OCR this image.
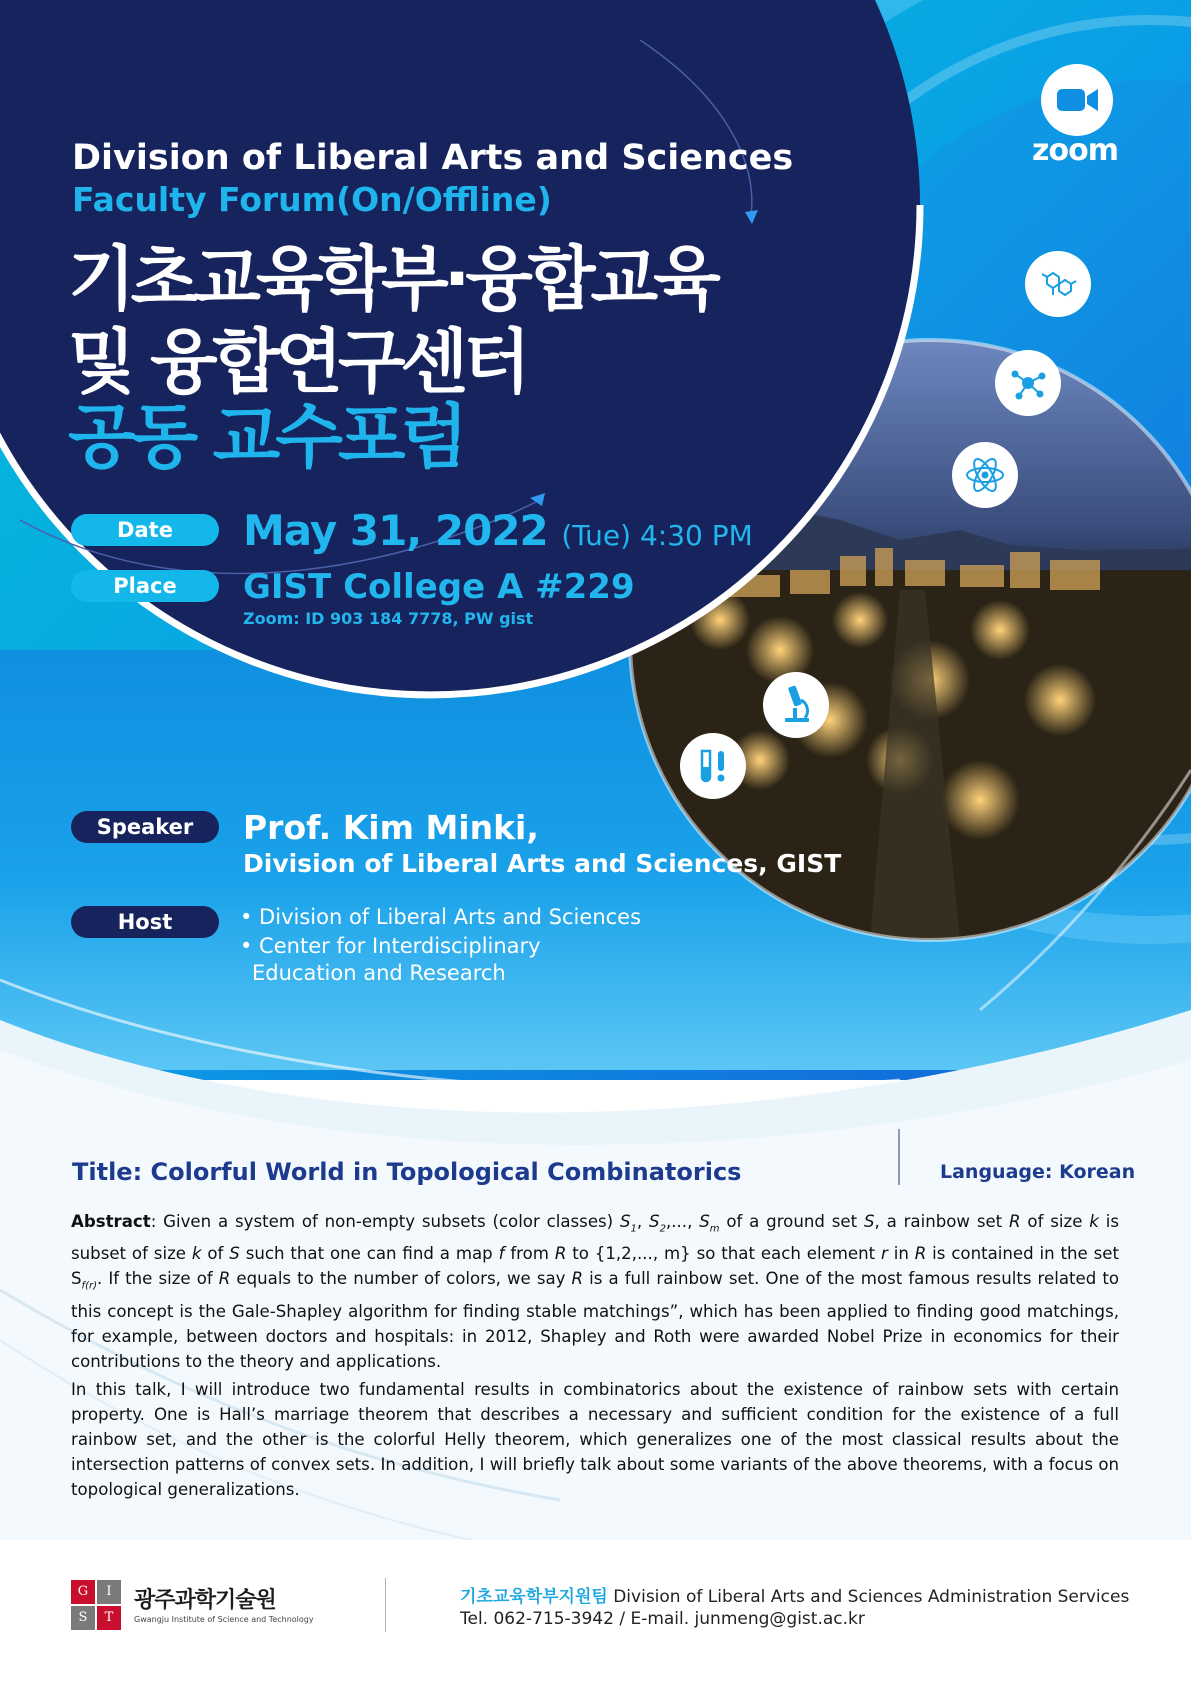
Division of Liberal Arts and Sciences
Faculty Forum(On/Offline)
기초교육학부·융합교육
및 융합연구센터
공동 교수포럼
zoom
Date	May 31, 2022 (Tue) 4:30 PM
Place	GIST College A #229
Zoom: ID 903 184 7778, PW gist
Speaker	Prof. Kim Minki,
Division of Liberal Arts and Sciences, GIST
Host	• Division of Liberal Arts and Sciences
• Center for Interdisciplinary
Education and Research
Title: Colorful World in Topological Combinatorics	Language: Korean
Abstract: Given a system of non-empty subsets (color classes) $S_1$, $S_2$,..., $S_m$ of a ground set S, a rainbow set R of size k is subset of size k of S such that one can find a map f from R to {1,2,..., m} so that each element r in R is contained in the set $S_{f(r)}$. If the size of R equals to the number of colors, we say R is a full rainbow set. One of the most famous results related to this concept is the Gale-Shapley algorithm for finding stable matchings”, which has been applied to finding good matchings, for example, between doctors and hospitals: in 2012, Shapley and Roth were awarded Nobel Prize in economics for their contributions to the theory and applications.
In this talk, I will introduce two fundamental results in combinatorics about the existence of rainbow sets with certain property. One is Hall’s marriage theorem that describes a necessary and sufficient condition for the existence of a full rainbow set, and the other is the colorful Helly theorem, which generalizes one of the most classical results about the intersection patterns of convex sets. In addition, I will briefly talk about some variants of the above theorems, with a focus on topological generalizations.
G	I
S	T
광주과학기술원
Gwangju Institute of Science and Technology
기초교육학부지원팀 Division of Liberal Arts and Sciences Administration Services
Tel. 062-715-3942 / E-mail. junmeng@gist.ac.kr
